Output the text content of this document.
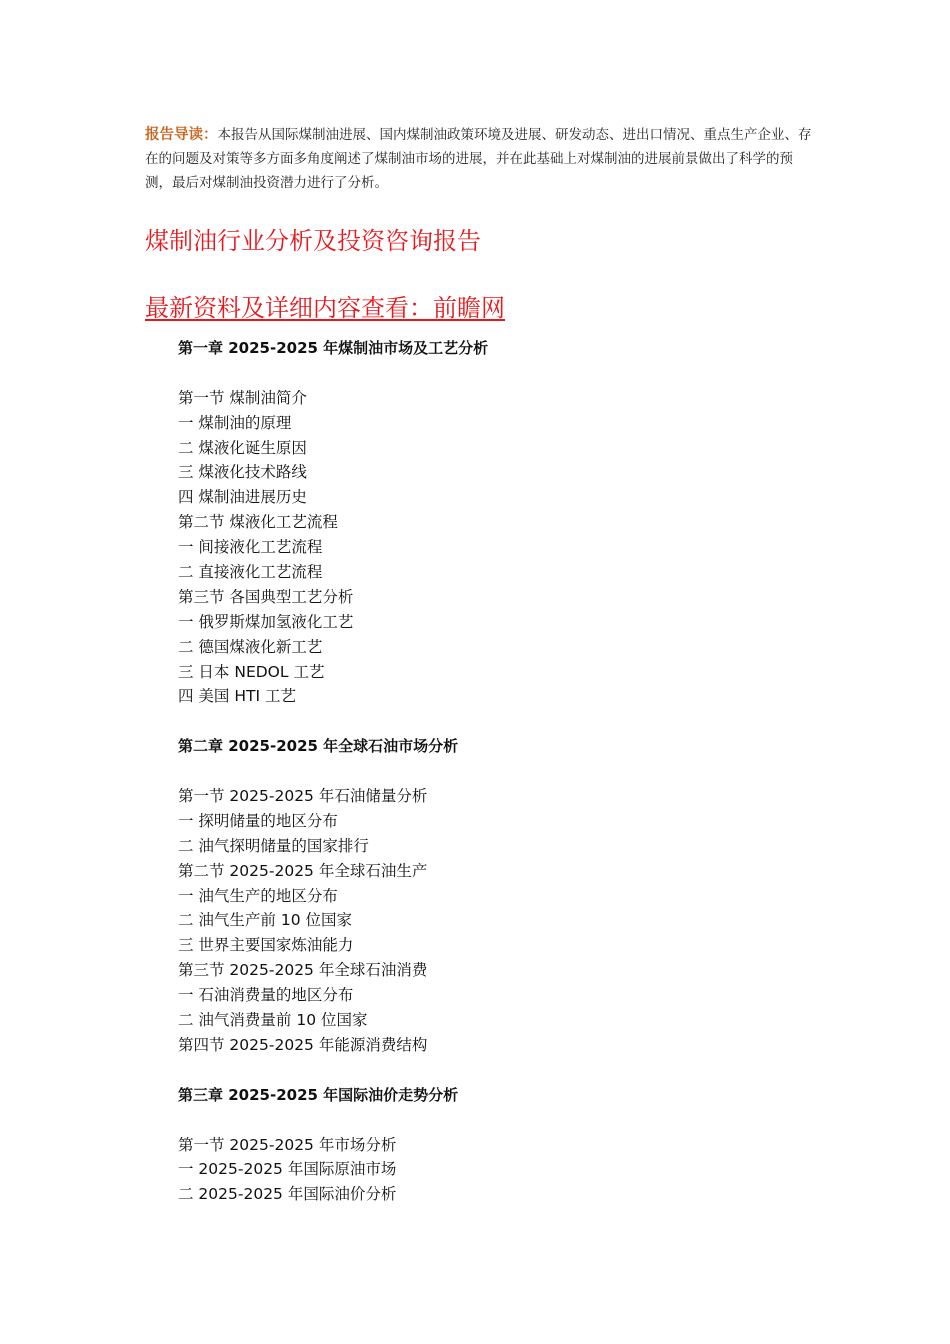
报告导读：本报告从国际煤制油进展、国内煤制油政策环境及进展、研发动态、进出口情况、重点生产企业、存在的问题及对策等多方面多角度阐述了煤制油市场的进展，并在此基础上对煤制油的进展前景做出了科学的预测，最后对煤制油投资潜力进行了分析。

煤制油行业分析及投资咨询报告
最新资料及详细内容查看：前瞻网
第一章 2025-2025 年煤制油市场及工艺分析
第一节 煤制油简介
一 煤制油的原理
二 煤液化诞生原因
三 煤液化技术路线
四 煤制油进展历史
第二节 煤液化工艺流程
一 间接液化工艺流程
二 直接液化工艺流程
第三节 各国典型工艺分析
一 俄罗斯煤加氢液化工艺
二 德国煤液化新工艺
三 日本 NEDOL 工艺
四 美国 HTI 工艺
第二章 2025-2025 年全球石油市场分析
第一节 2025-2025 年石油储量分析
一 探明储量的地区分布
二 油气探明储量的国家排行
第二节 2025-2025 年全球石油生产
一 油气生产的地区分布
二 油气生产前 10 位国家
三 世界主要国家炼油能力
第三节 2025-2025 年全球石油消费
一 石油消费量的地区分布
二 油气消费量前 10 位国家
第四节 2025-2025 年能源消费结构
第三章 2025-2025 年国际油价走势分析
第一节 2025-2025 年市场分析
一 2025-2025 年国际原油市场
二 2025-2025 年国际油价分析
